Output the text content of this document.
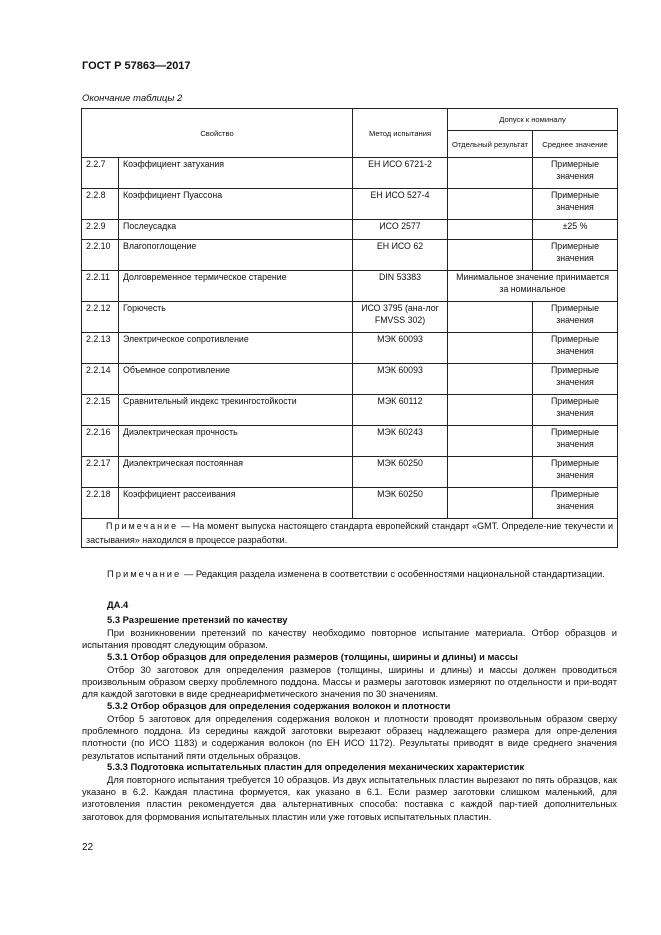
ГОСТ Р 57863—2017
Окончание таблицы 2
Свойство		Метод испытания	Допуск к номиналу	
			Отдельный результат	Среднее значение
2.2.7	Коэффициент затухания	ЕН ИСО 6721-2		Примерные значения
2.2.8	Коэффициент Пуассона	ЕН ИСО 527-4		Примерные значения
2.2.9	Послеусадка	ИСО 2577		±25 %
2.2.10	Влагопоглощение	ЕН ИСО 62		Примерные значения
2.2.11	Долговременное термическое старение	DIN 53383	Минимальное значение принимается за номинальное	
2.2.12	Горючесть	ИСО 3795 (ана-лог FMVSS 302)		Примерные значения
2.2.13	Электрическое сопротивление	МЭК 60093		Примерные значения
2.2.14	Объемное сопротивление	МЭК 60093		Примерные значения
2.2.15	Сравнительный индекс трекингостойкости	МЭК 60112		Примерные значения
2.2.16	Диэлектрическая прочность	МЭК 60243		Примерные значения
2.2.17	Диэлектрическая постоянная	МЭК 60250		Примерные значения
2.2.18	Коэффициент рассеивания	МЭК 60250		Примерные значения
Примечание — На момент выпуска настоящего стандарта европейский стандарт «GMT. Определе-ние текучести и застывания» находился в процессе разработки.				
Примечание — Редакция раздела изменена в соответствии с особенностями национальной стандартизации.
ДА.4
5.3 Разрешение претензий по качеству
При возникновении претензий по качеству необходимо повторное испытание материала. Отбор образцов и испытания проводят следующим образом.
5.3.1 Отбор образцов для определения размеров (толщины, ширины и длины) и массы
Отбор 30 заготовок для определения размеров (толщины, ширины и длины) и массы должен проводиться произвольным образом сверху проблемного поддона. Массы и размеры заготовок измеряют по отдельности и при-водят для каждой заготовки в виде среднеарифметического значения по 30 значениям.
5.3.2 Отбор образцов для определения содержания волокон и плотности
Отбор 5 заготовок для определения содержания волокон и плотности проводят произвольным образом сверху проблемного поддона. Из середины каждой заготовки вырезают образец надлежащего размера для опре-деления плотности (по ИСО 1183) и содержания волокон (по ЕН ИСО 1172). Результаты приводят в виде среднего значения результатов испытаний пяти отдельных образцов.
5.3.3 Подготовка испытательных пластин для определения механических характеристик
Для повторного испытания требуется 10 образцов. Из двух испытательных пластин вырезают по пять образцов, как указано в 6.2. Каждая пластина формуется, как указано в 6.1. Если размер заготовки слишком маленький, для изготовления пластин рекомендуется два альтернативных способа: поставка с каждой пар-тией дополнительных заготовок для формования испытательных пластин или уже готовых испытательных пластин.
22
